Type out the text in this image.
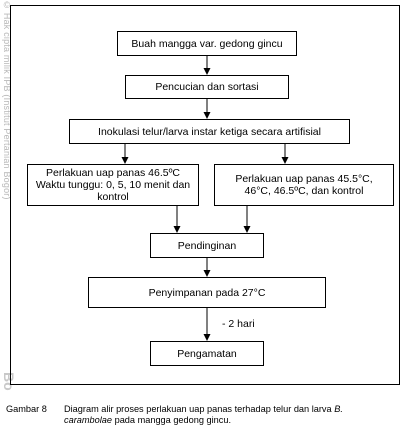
© Hak cipta milik IPB (Institut Pertanian Bogor)
Bo
Buah mangga var. gedong gincu
Pencucian dan sortasi
Inokulasi telur/larva instar ketiga secara artifisial
Perlakuan uap panas 46.5ºC
Waktu tunggu: 0, 5, 10 menit dan
kontrol
Perlakuan uap panas 45.5°C,
46°C, 46.5ºC, dan kontrol
Pendinginan
Penyimpanan pada 27°C
- 2 hari
Pengamatan
Gambar 8 Diagram alir proses perlakuan uap panas terhadap telur dan larva B.
carambolae pada mangga gedong gincu.
